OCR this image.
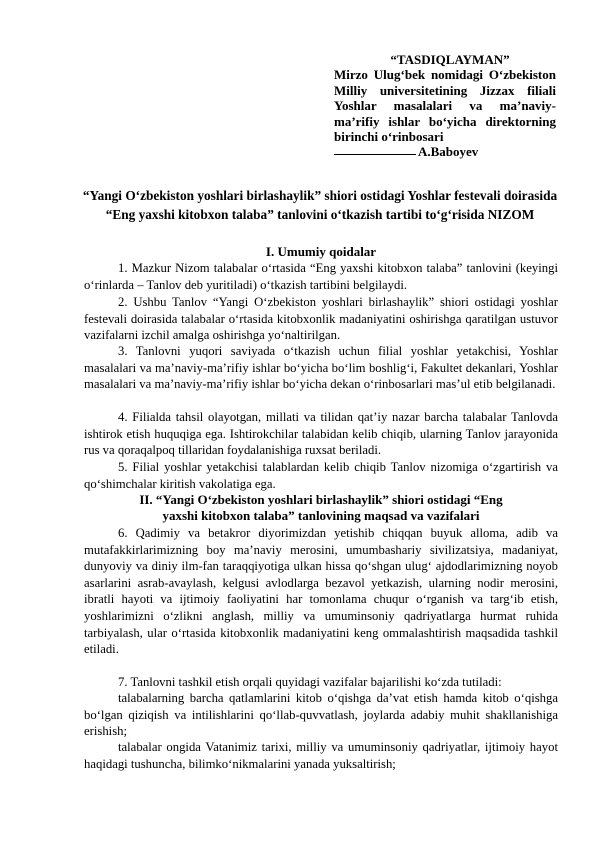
“TASDIQLAYMAN”
Mirzo Ulug‘bek nomidagi O‘zbekiston Milliy universitetining Jizzax filiali Yoshlar masalalari va ma’naviy-ma’rifiy ishlar bo‘yicha direktorning birinchi o‘rinbosari
A.Baboyev
“Yangi O‘zbekiston yoshlari birlashaylik” shiori ostidagi Yoshlar festevali doirasida “Eng yaxshi kitobxon talaba” tanlovini o‘tkazish tartibi to‘g‘risida NIZOM
I. Umumiy qoidalar
1. Mazkur Nizom talabalar o‘rtasida “Eng yaxshi kitobxon talaba” tanlovini (keyingi o‘rinlarda – Tanlov deb yuritiladi) o‘tkazish tartibini belgilaydi.
2. Ushbu Tanlov “Yangi O‘zbekiston yoshlari birlashaylik” shiori ostidagi yoshlar festevali doirasida talabalar o‘rtasida kitobxonlik madaniyatini oshirishga qaratilgan ustuvor vazifalarni izchil amalga oshirishga yo‘naltirilgan.
3. Tanlovni yuqori saviyada o‘tkazish uchun filial yoshlar yetakchisi, Yoshlar masalalari va ma’naviy-ma’rifiy ishlar bo‘yicha bo‘lim boshlig‘i, Fakultet dekanlari, Yoshlar masalalari va ma’naviy-ma’rifiy ishlar bo‘yicha dekan o‘rinbosarlari mas’ul etib belgilanadi.
4. Filialda tahsil olayotgan, millati va tilidan qat’iy nazar barcha talabalar Tanlovda ishtirok etish huquqiga ega. Ishtirokchilar talabidan kelib chiqib, ularning Tanlov jarayonida rus va qoraqalpoq tillaridan foydalanishiga ruxsat beriladi.
5. Filial yoshlar yetakchisi talablardan kelib chiqib Tanlov nizomiga o‘zgartirish va qo‘shimchalar kiritish vakolatiga ega.
II. “Yangi O‘zbekiston yoshlari birlashaylik” shiori ostidagi “Eng
yaxshi kitobxon talaba” tanlovining maqsad va vazifalari
6. Qadimiy va betakror diyorimizdan yetishib chiqqan buyuk alloma, adib va mutafakkirlarimizning boy ma’naviy merosini, umumbashariy sivilizatsiya, madaniyat, dunyoviy va diniy ilm-fan taraqqiyotiga ulkan hissa qo‘shgan ulug‘ ajdodlarimizning noyob asarlarini asrab-avaylash, kelgusi avlodlarga bezavol yetkazish, ularning nodir merosini, ibratli hayoti va ijtimoiy faoliyatini har tomonlama chuqur o‘rganish va targ‘ib etish, yoshlarimizni o‘zlikni anglash, milliy va umuminsoniy qadriyatlarga hurmat ruhida tarbiyalash, ular o‘rtasida kitobxonlik madaniyatini keng ommalashtirish maqsadida tashkil etiladi.
7. Tanlovni tashkil etish orqali quyidagi vazifalar bajarilishi ko‘zda tutiladi:
talabalarning barcha qatlamlarini kitob o‘qishga da’vat etish hamda kitob o‘qishga bo‘lgan qiziqish va intilishlarini qo‘llab-quvvatlash, joylarda adabiy muhit shakllanishiga erishish;
talabalar ongida Vatanimiz tarixi, milliy va umuminsoniy qadriyatlar, ijtimoiy hayot haqidagi tushuncha, bilimko‘nikmalarini yanada yuksaltirish;
